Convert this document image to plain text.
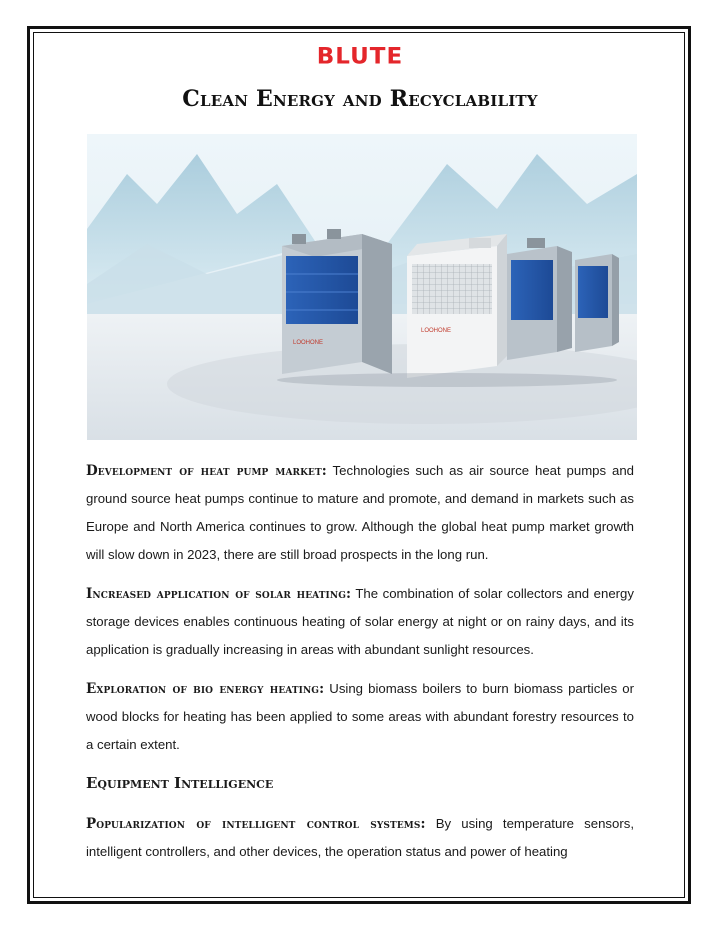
BLUTE
Clean Energy and Recyclability
LOOHONE
LOOHONE

Development of heat pump market: Technologies such as air source heat pumps and ground source heat pumps continue to mature and promote, and demand in markets such as Europe and North America continues to grow. Although the global heat pump market growth will slow down in 2023, there are still broad prospects in the long run.

Increased application of solar heating: The combination of solar collectors and energy storage devices enables continuous heating of solar energy at night or on rainy days, and its application is gradually increasing in areas with abundant sunlight resources.

Exploration of bio energy heating: Using biomass boilers to burn biomass particles or wood blocks for heating has been applied to some areas with abundant forestry resources to a certain extent.

Equipment Intelligence

Popularization of intelligent control systems: By using temperature sensors, intelligent controllers, and other devices, the operation status and power of heating
